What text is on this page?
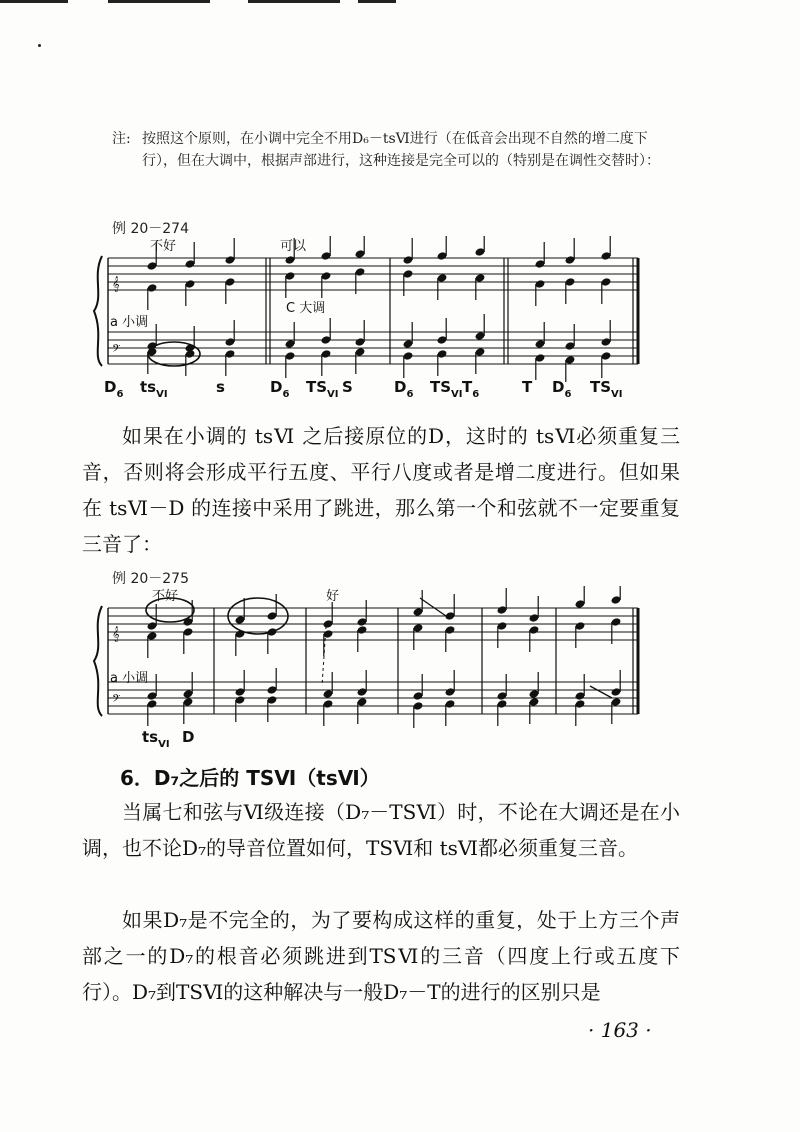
注: 按照这个原则，在小调中完全不用D₆－tsⅥ进行（在低音会出现不自然的增二度下行），但在大调中，根据声部进行，这种连接是完全可以的（特别是在调性交替时）：
例 20－274
𝄞
𝄢
不好	可以
a 小调
C 大调
$D_6$ $ts_{VI}$	s	$D_6$ $TS_{VI}$ S	$D_6$ $TS_{VI}$ $T_6$	T $D_6$ $TS_{VI}$

如果在小调的 tsⅥ 之后接原位的D，这时的 tsⅥ必须重复三音，否则将会形成平行五度、平行八度或者是增二度进行。但如果在 tsⅥ－D 的连接中采用了跳进，那么第一个和弦就不一定要重复三音了：

例 20－275
𝄞
𝄢
不好	好
a 小调
$ts_{VI}$ D
6．D₇之后的 TSⅥ（tsⅥ）

当属七和弦与Ⅵ级连接（D₇－TSⅥ）时，不论在大调还是在小调，也不论D₇的导音位置如何，TSⅥ和 tsⅥ都必须重复三音。

如果D₇是不完全的，为了要构成这样的重复，处于上方三个声部之一的D₇的根音必须跳进到TSⅥ的三音（四度上行或五度下行）。D₇到TSⅥ的这种解决与一般D₇－T的进行的区别只是

· 163 ·
